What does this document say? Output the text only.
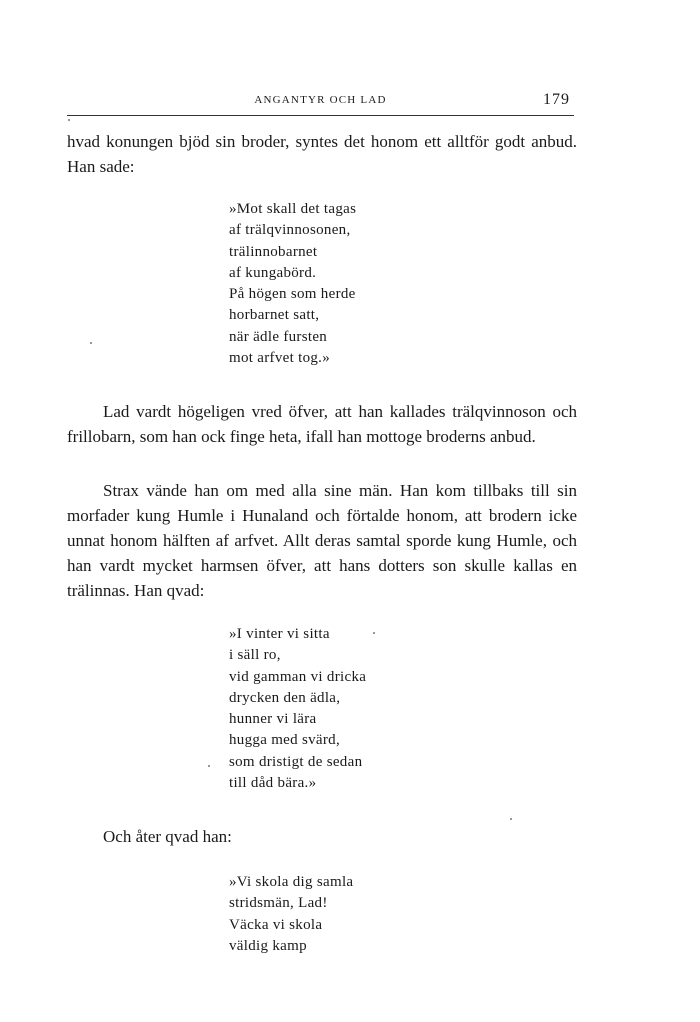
ANGANTYR OCH LAD	179

hvad konungen bjöd sin broder, syntes det honom ett alltför godt anbud. Han sade:

»Mot skall det tagas
af trälqvinnosonen,
trälinnobarnet
af kungabörd.
På högen som herde
horbarnet satt,
när ädle fursten
mot arfvet tog.»

Lad vardt högeligen vred öfver, att han kallades trälqvinnoson och frillobarn, som han ock finge heta, ifall han mottoge broderns anbud.

Strax vände han om med alla sine män. Han kom tillbaks till sin morfader kung Humle i Hunaland och förtalde honom, att brodern icke unnat honom hälften af arfvet. Allt deras samtal sporde kung Humle, och han vardt mycket harmsen öfver, att hans dotters son skulle kallas en trälinnas. Han qvad:

»I vinter vi sitta
i säll ro,
vid gamman vi dricka
drycken den ädla,
hunner vi lära
hugga med svärd,
som dristigt de sedan
till dåd bära.»

Och åter qvad han:

»Vi skola dig samla
stridsmän, Lad!
Väcka vi skola
väldig kamp
